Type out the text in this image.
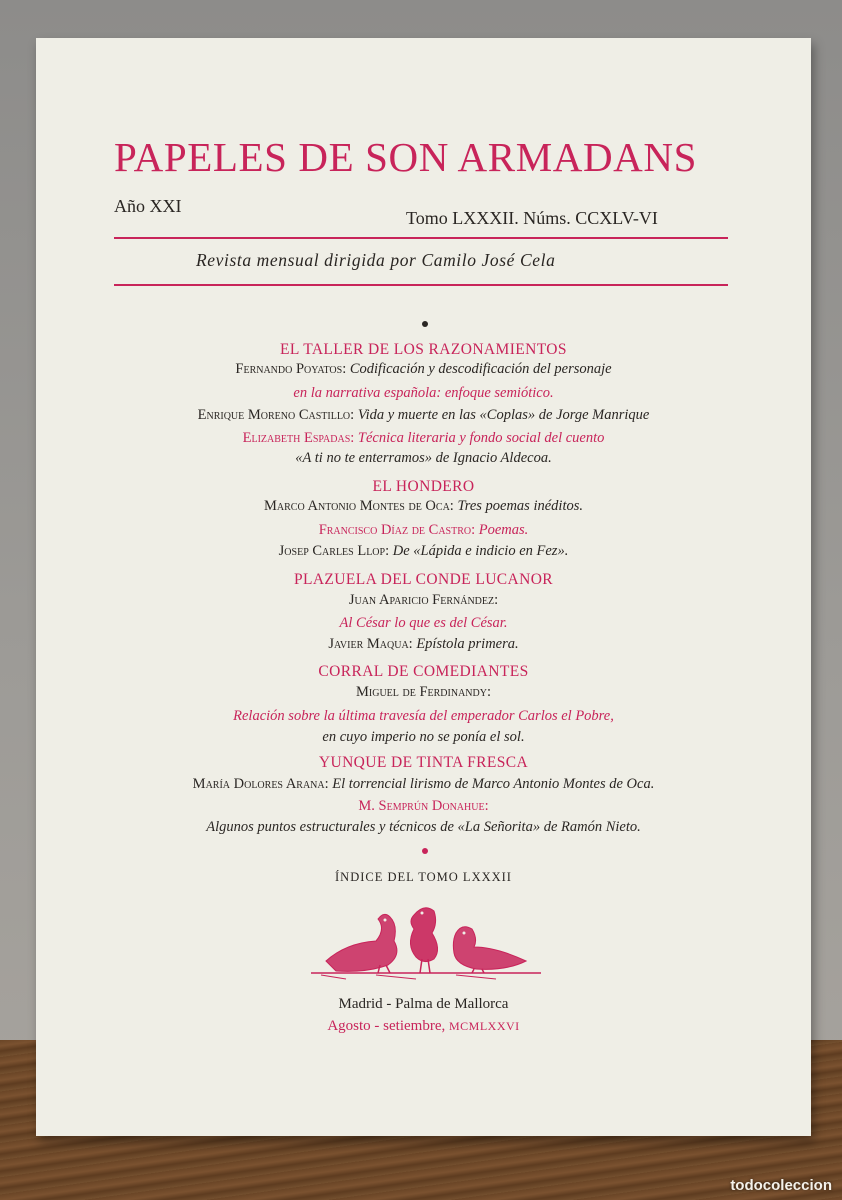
PAPELES DE SON ARMADANS
Año XXI
Tomo LXXXII. Núms. CCXLV-VI
Revista mensual dirigida por Camilo José Cela
EL TALLER DE LOS RAZONAMIENTOS
Fernando Poyatos: Codificación y descodificación del personaje
en la narrativa española: enfoque semiótico.
Enrique Moreno Castillo: Vida y muerte en las «Coplas» de Jorge Manrique
Elizabeth Espadas: Técnica literaria y fondo social del cuento
«A ti no te enterramos» de Ignacio Aldecoa.
EL HONDERO
Marco Antonio Montes de Oca: Tres poemas inéditos.
Francisco Díaz de Castro: Poemas.
Josep Carles Llop: De «Lápida e indicio en Fez».
PLAZUELA DEL CONDE LUCANOR
Juan Aparicio Fernández:
Al César lo que es del César.
Javier Maqua: Epístola primera.
CORRAL DE COMEDIANTES
Miguel de Ferdinandy:
Relación sobre la última travesía del emperador Carlos el Pobre,
en cuyo imperio no se ponía el sol.
YUNQUE DE TINTA FRESCA
María Dolores Arana: El torrencial lirismo de Marco Antonio Montes de Oca.
M. Semprún Donahue:
Algunos puntos estructurales y técnicos de «La Señorita» de Ramón Nieto.
ÍNDICE DEL TOMO LXXXII
Madrid - Palma de Mallorca
Agosto - setiembre, MCMLXXVI
todocoleccion
